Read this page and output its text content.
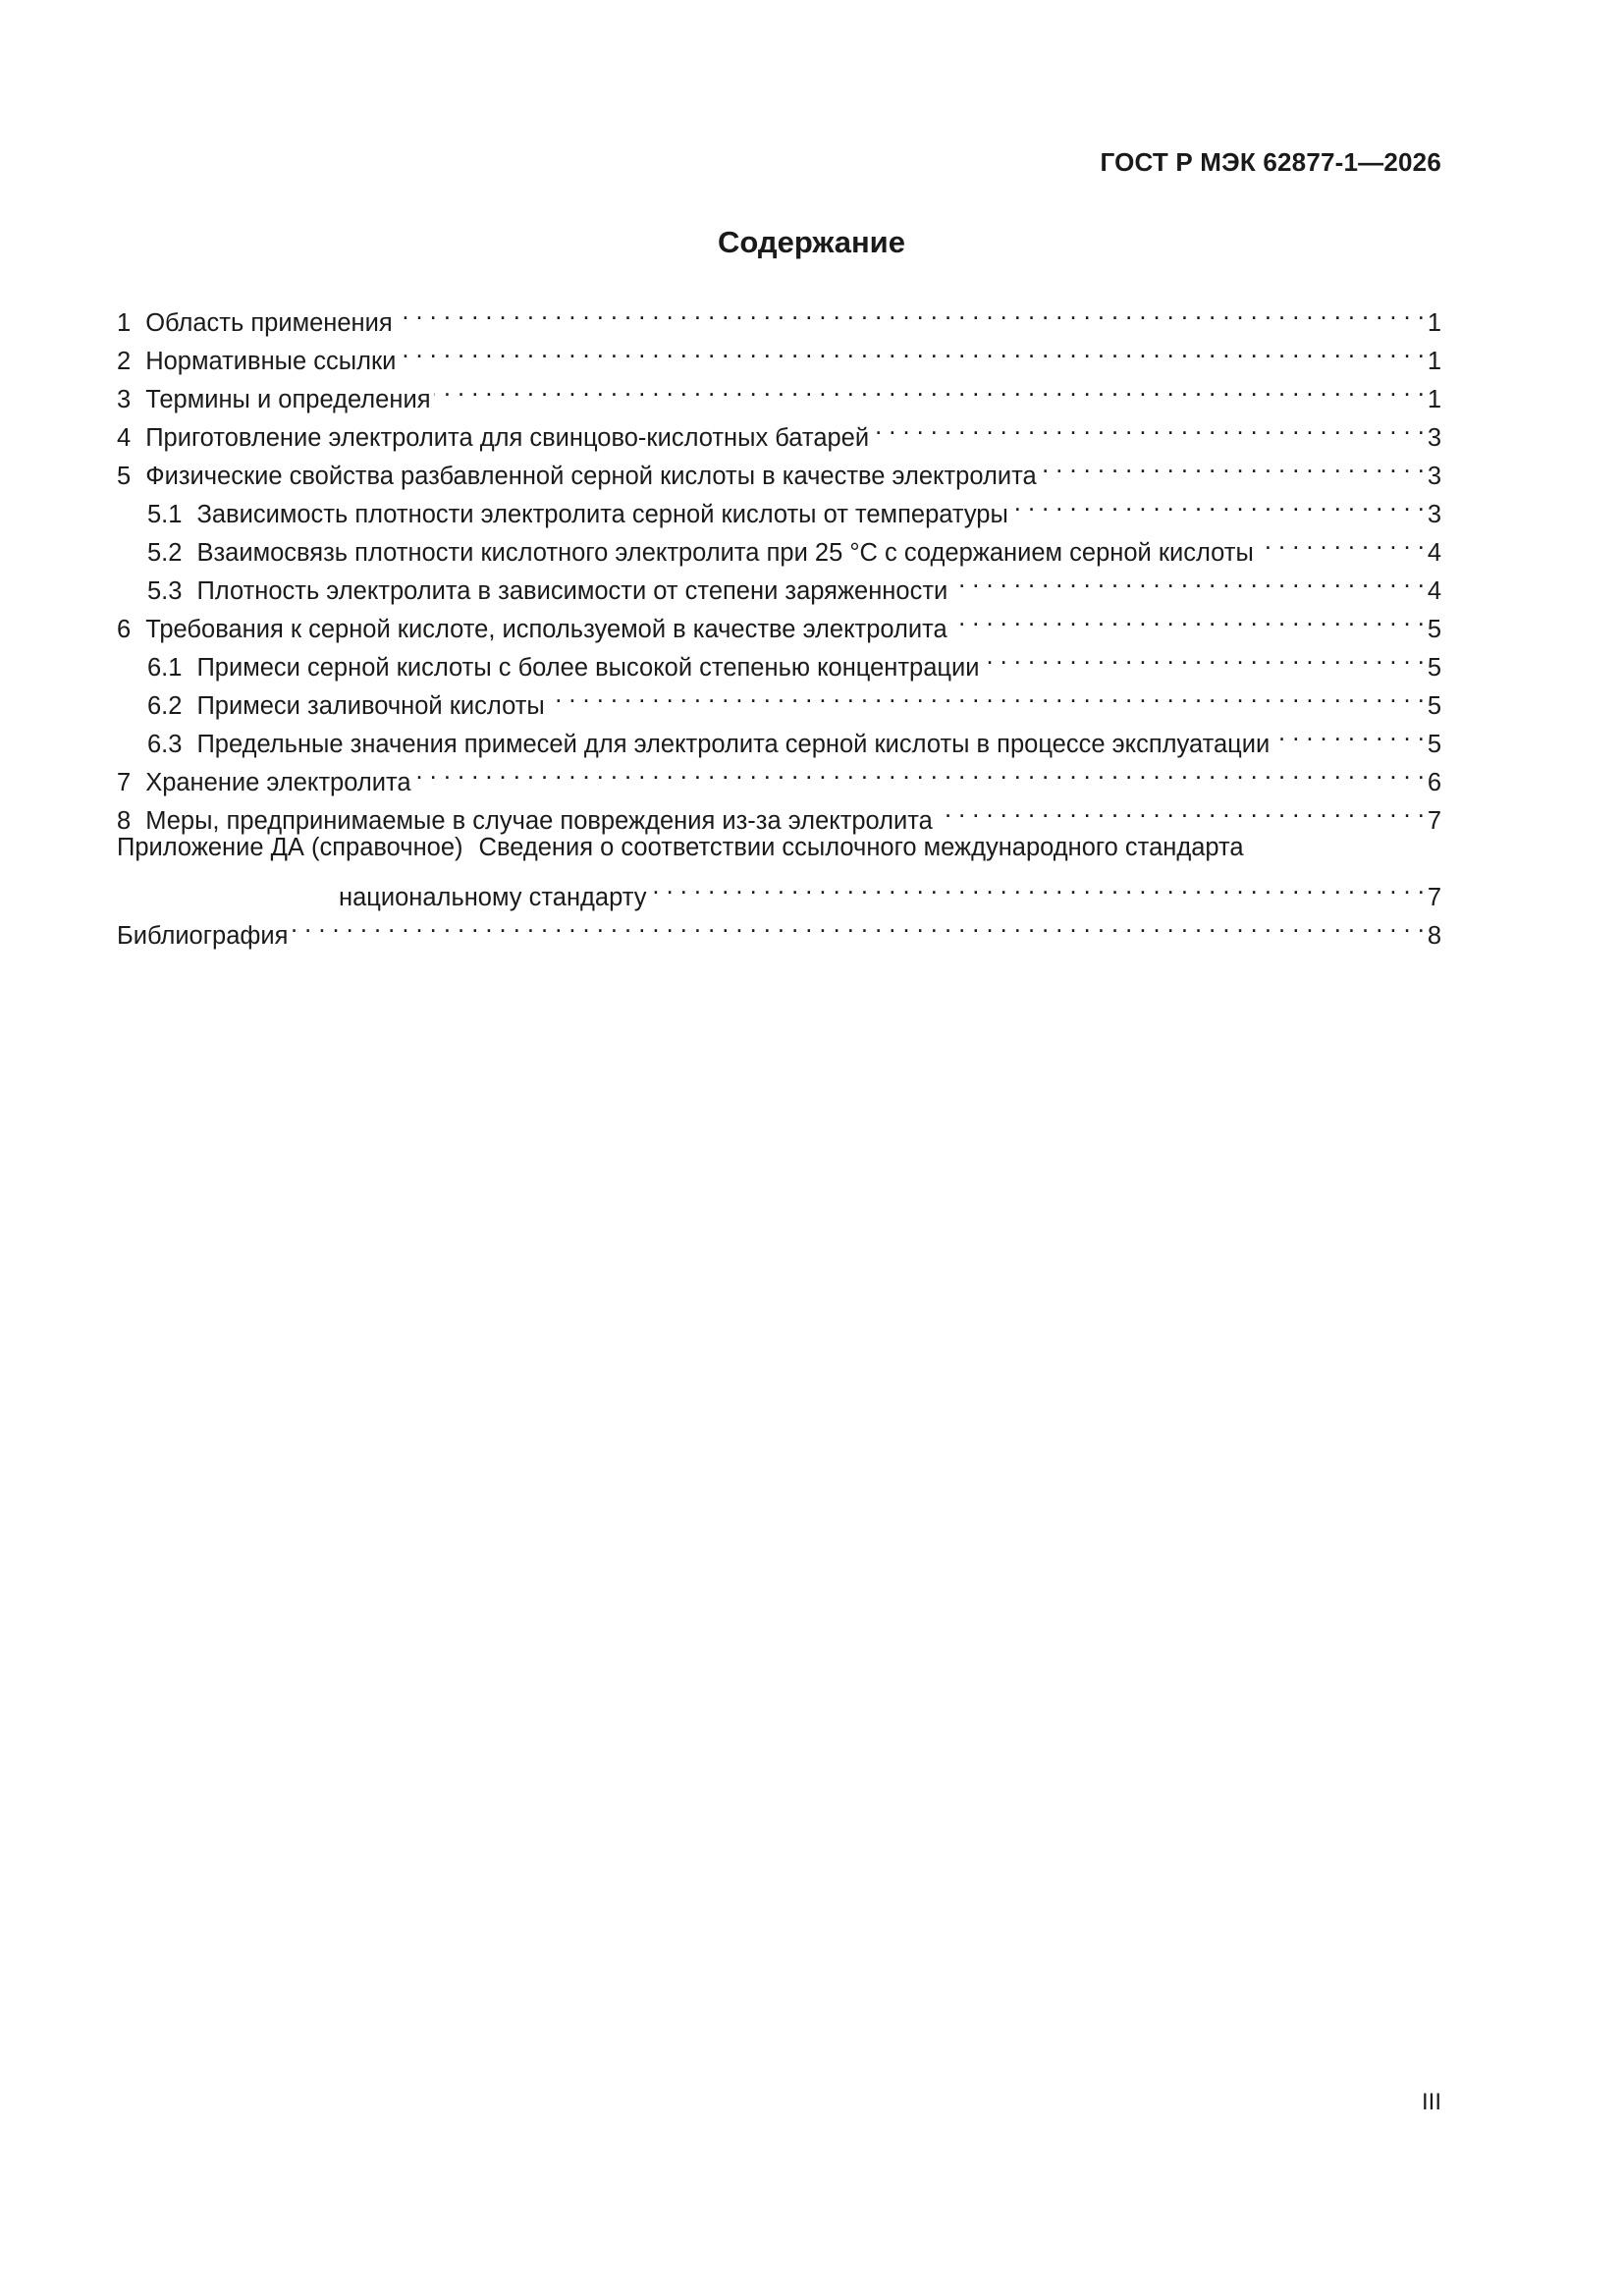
ГОСТ Р МЭК 62877-1—2026
Содержание
1 Область применения . . .	1
2 Нормативные ссылки . . .	1
3 Термины и определения . . .	1
4 Приготовление электролита для свинцово-кислотных батарей . . .	3
5 Физические свойства разбавленной серной кислоты в качестве электролита . . .	3
5.1 Зависимость плотности электролита серной кислоты от температуры . . .	3
5.2 Взаимосвязь плотности кислотного электролита при 25 °С с содержанием серной кислоты . . .	4
5.3 Плотность электролита в зависимости от степени заряженности . . .	4
6 Требования к серной кислоте, используемой в качестве электролита . . .	5
6.1 Примеси серной кислоты с более высокой степенью концентрации . . .	5
6.2 Примеси заливочной кислоты . . .	5
6.3 Предельные значения примесей для электролита серной кислоты в процессе эксплуатации . . .	5
7 Хранение электролита . . .	6
8 Меры, предпринимаемые в случае повреждения из-за электролита . . .	7
Приложение ДА (справочное) Сведения о соответствии ссылочного международного стандарта
национальному стандарту . . .	7
Библиография . . .	8
III
